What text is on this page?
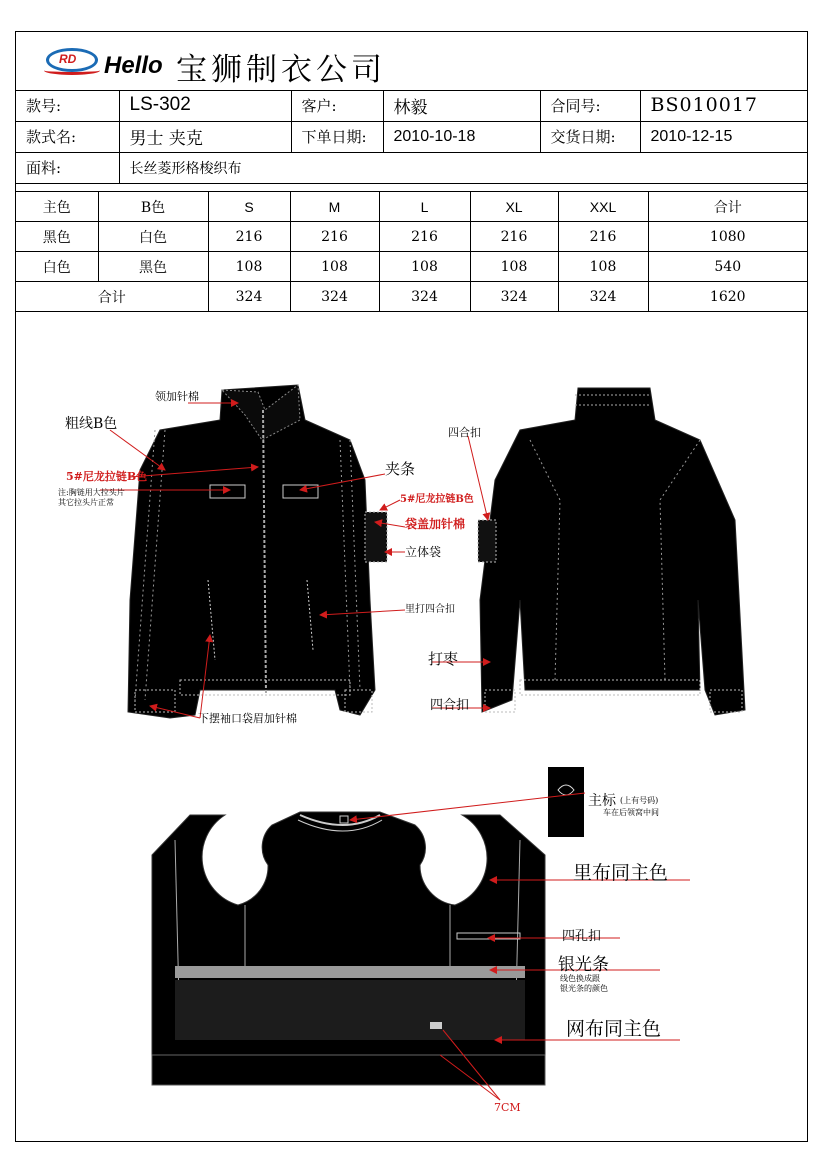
RD Hello 宝狮制衣公司
款号:	LS-302	客户:	林毅	合同号:	BS010017
款式名:	男士 夹克	下单日期:	2010-10-18	交货日期:	2010-12-15
面料:	长丝菱形格梭织布				
主色	B色	S	M	L	XL	XXL	合计
黑色	白色	216	216	216	216	216	1080
白色	黑色	108	108	108	108	108	540
合计		324	324	324	324	324	1620
领加针棉
粗线B色
5#尼龙拉链B色
注:胸链用大拉头片
其它拉头片正常
夹条
5#尼龙拉链B色
袋盖加针棉
立体袋
里打四合扣
下摆袖口袋眉加针棉
四合扣
打枣
四合扣
主标 (上有号码)
车在后领窝中间
里布同主色
四孔扣
银光条
线色换成跟
银光条的颜色
网布同主色
7CM
